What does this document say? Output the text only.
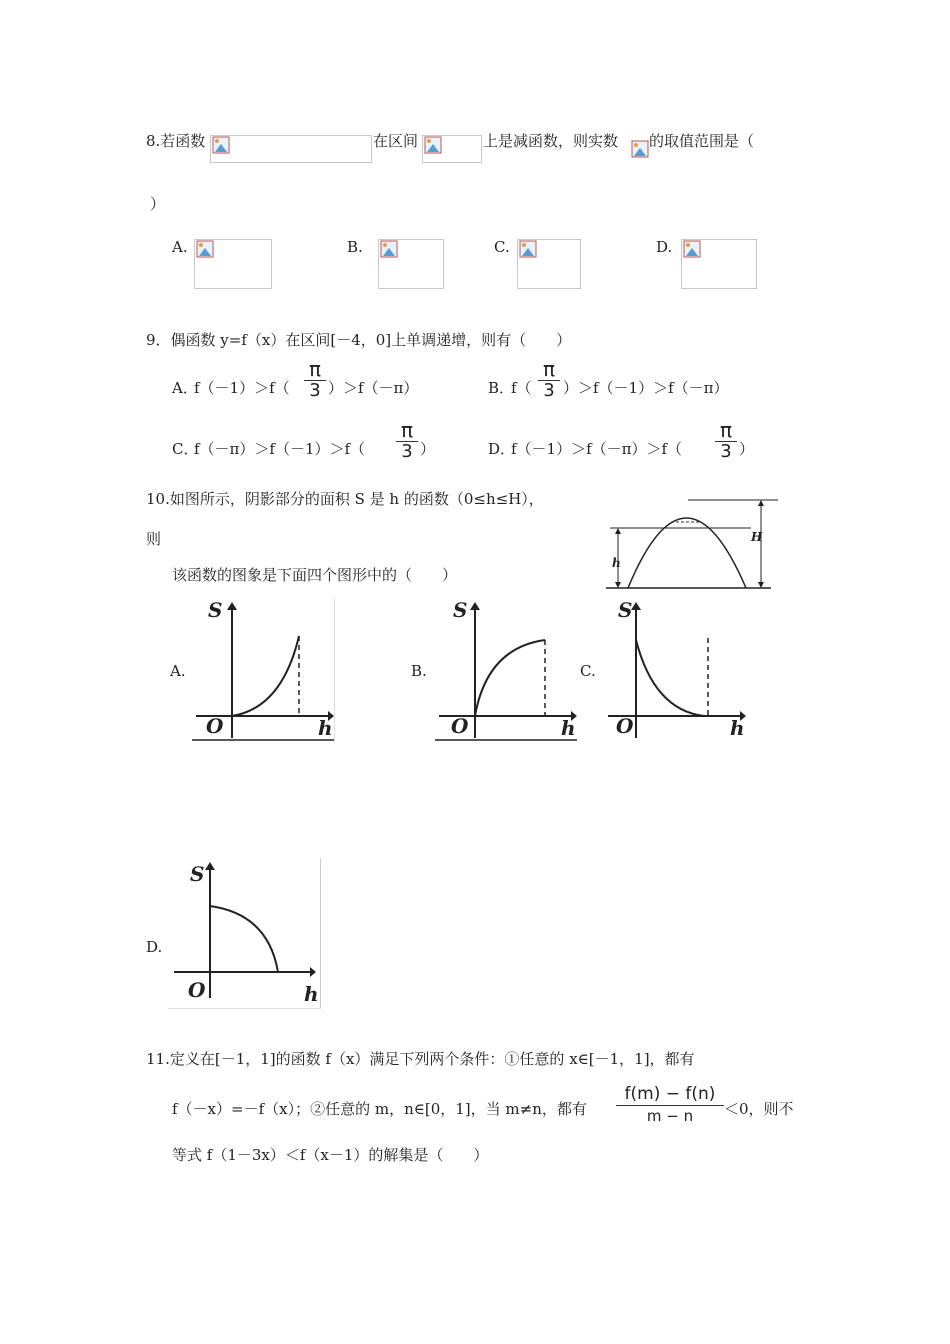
8.若函数	在区间	上是减函数，则实数 的取值范围是（
）
A.	B.	C.	D.
9．偶函数 y=f（x）在区间[－4，0]上单调递增，则有（　　）
A．
f（－1）＞f（
π
3 ）＞f（－π）	B．
f（
π
3 ）＞f（－1）＞f（－π）
C．
f（－π）＞f（－1）＞f（
π
3 ）	D．
f（－1）＞f（－π）＞f（
π
3 ）
10.如图所示，阴影部分的面积 S 是 h 的函数（0≤h≤H），
则
该函数的图象是下面四个图形中的（　　）
h
H
A.
S
O	h
B.
S
O	h
C.
S
O	h
D.
S
O	h
11.定义在[－1，1]的函数 f（x）满足下列两个条件：①任意的 x∈[－1，1]，都有
f（－x）=－f（x）；②任意的 m，n∈[0，1]，当 m≠n，都有
f(m) − f(n)
m − n	＜0，则不
等式 f（1－3x）＜f（x－1）的解集是（　　）
